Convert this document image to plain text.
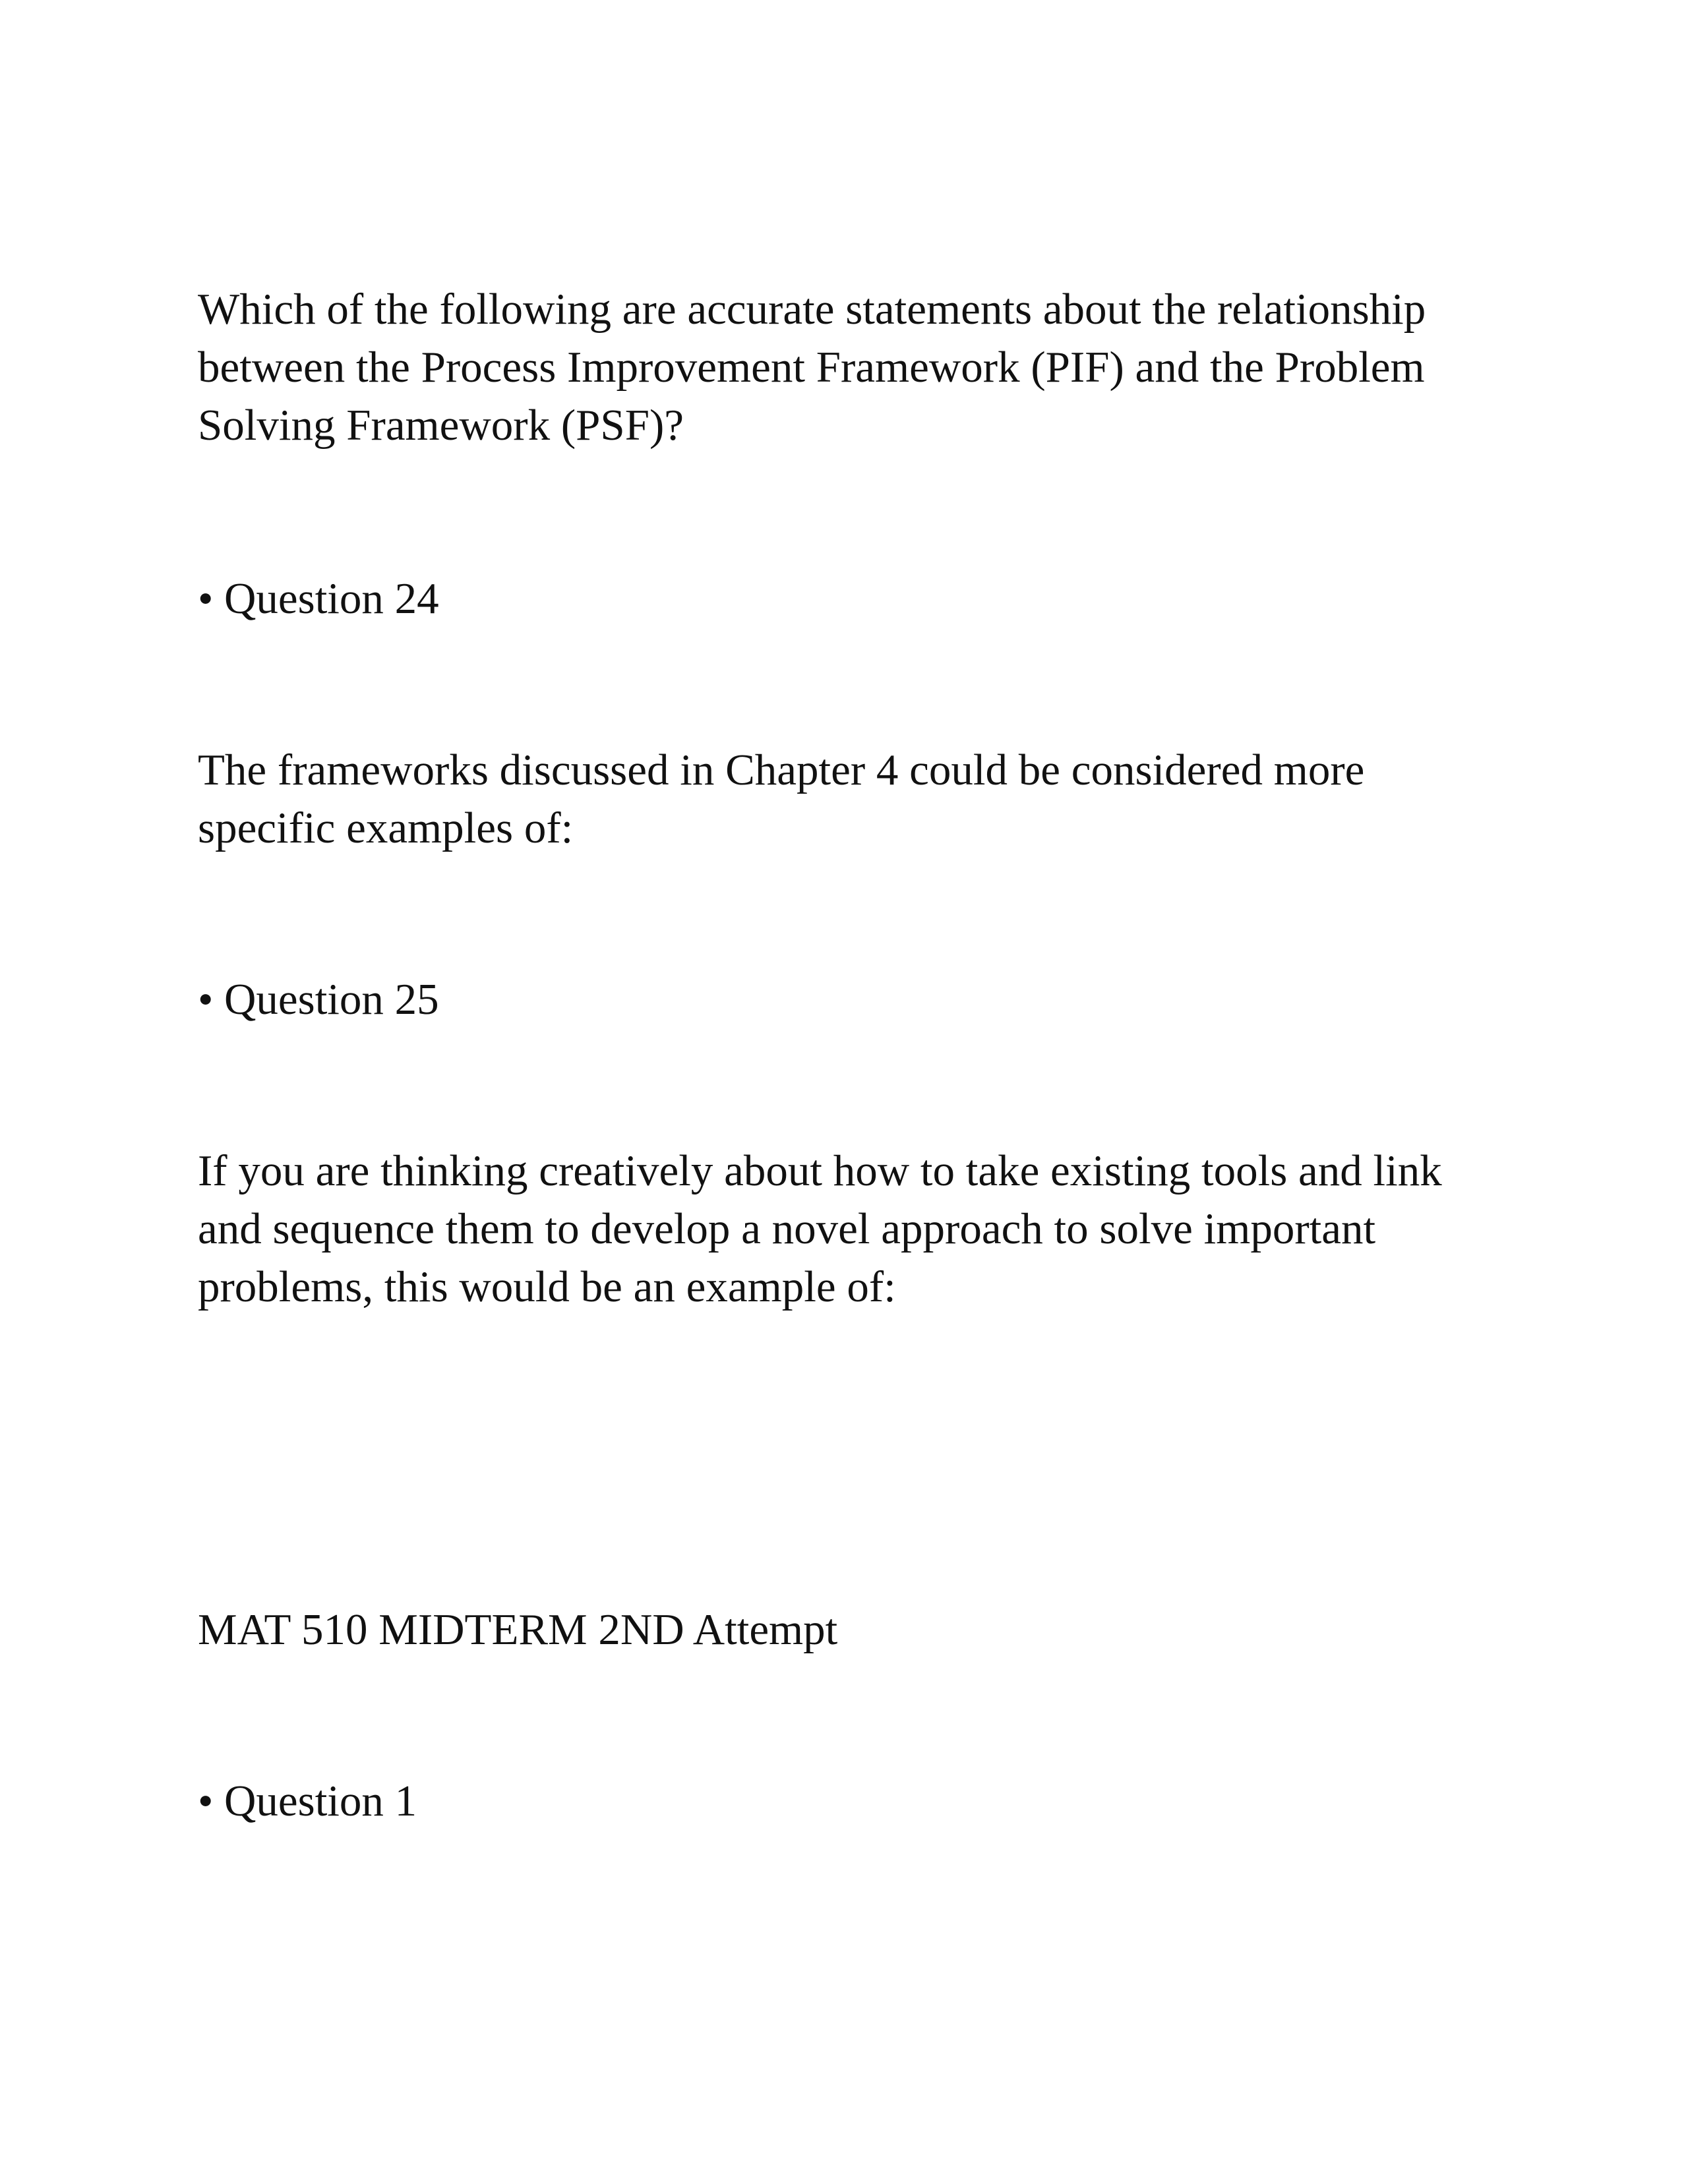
Which of the following are accurate statements about the relationship
between the Process Improvement Framework (PIF) and the Problem
Solving Framework (PSF)?

• Question 24

The frameworks discussed in Chapter 4 could be considered more
specific examples of:

• Question 25

If you are thinking creatively about how to take existing tools and link
and sequence them to develop a novel approach to solve important
problems, this would be an example of:

MAT 510 MIDTERM 2ND Attempt

• Question 1
